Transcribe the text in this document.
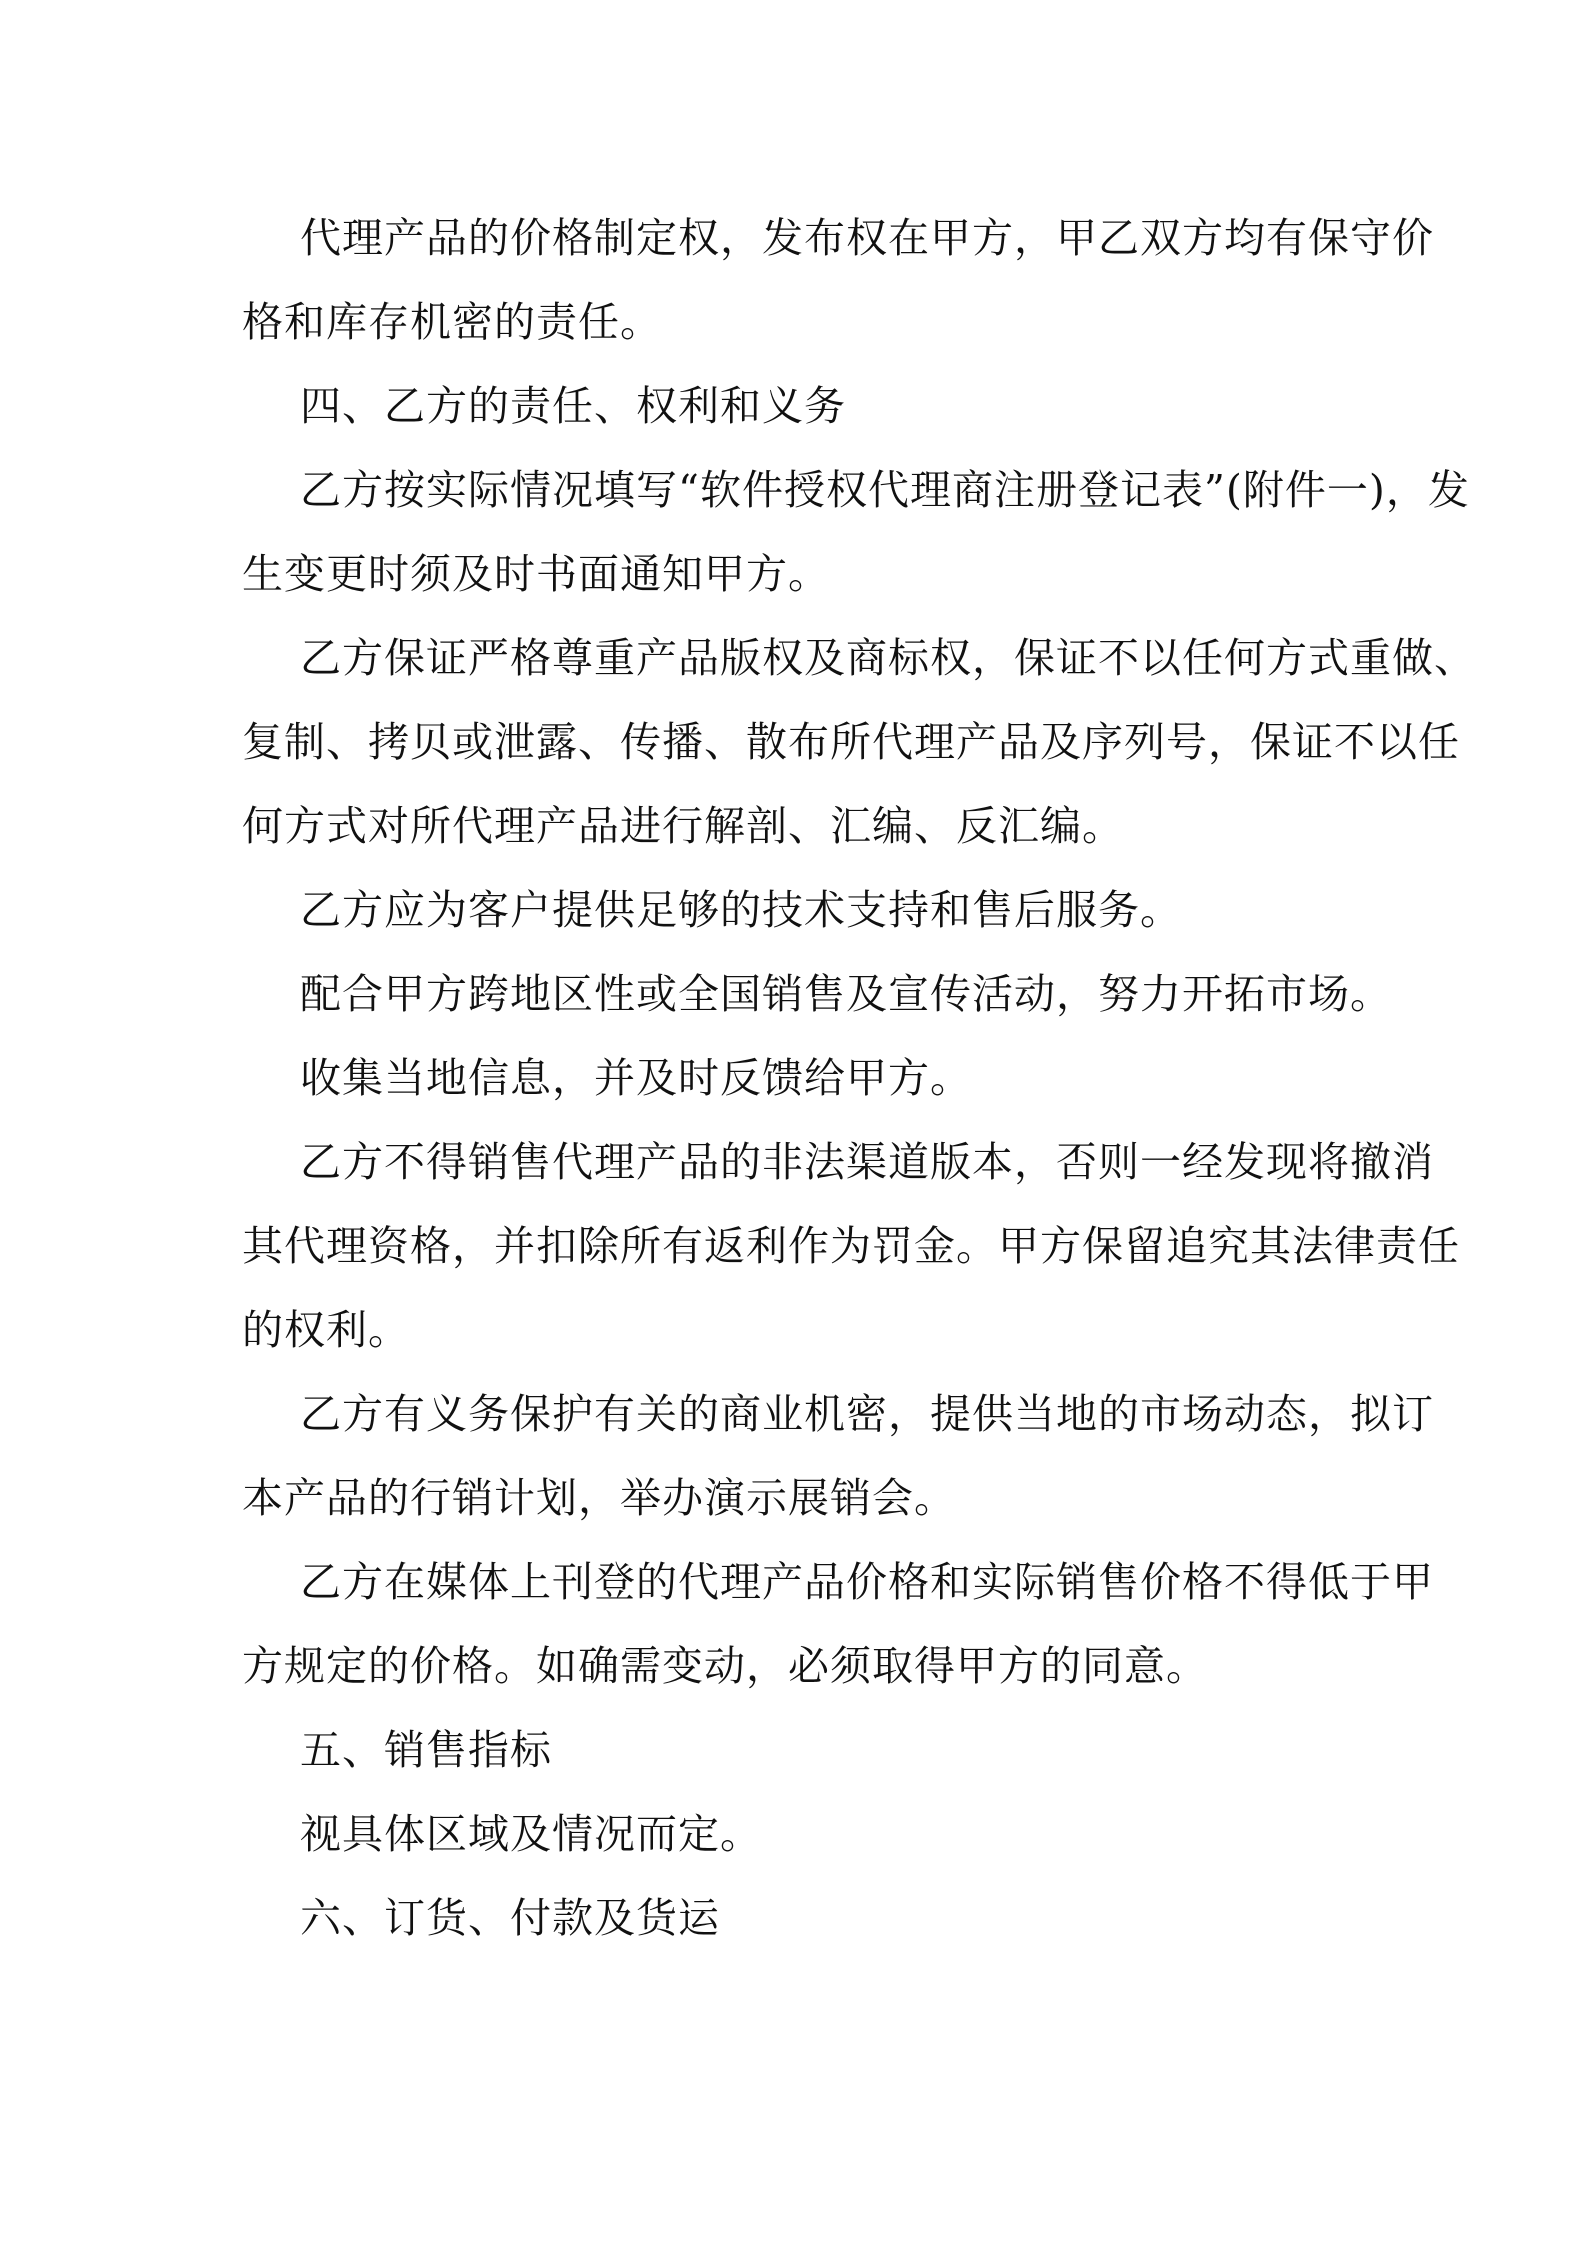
代理产品的价格制定权，发布权在甲方，甲乙双方均有保守价
格和库存机密的责任。
四、乙方的责任、权利和义务
乙方按实际情况填写“软件授权代理商注册登记表”(附件一)，发
生变更时须及时书面通知甲方。
乙方保证严格尊重产品版权及商标权，保证不以任何方式重做、
复制、拷贝或泄露、传播、散布所代理产品及序列号，保证不以任
何方式对所代理产品进行解剖、汇编、反汇编。
乙方应为客户提供足够的技术支持和售后服务。
配合甲方跨地区性或全国销售及宣传活动，努力开拓市场。
收集当地信息，并及时反馈给甲方。
乙方不得销售代理产品的非法渠道版本，否则一经发现将撤消
其代理资格，并扣除所有返利作为罚金。甲方保留追究其法律责任
的权利。
乙方有义务保护有关的商业机密，提供当地的市场动态，拟订
本产品的行销计划，举办演示展销会。
乙方在媒体上刊登的代理产品价格和实际销售价格不得低于甲
方规定的价格。如确需变动，必须取得甲方的同意。
五、销售指标
视具体区域及情况而定。
六、订货、付款及货运
